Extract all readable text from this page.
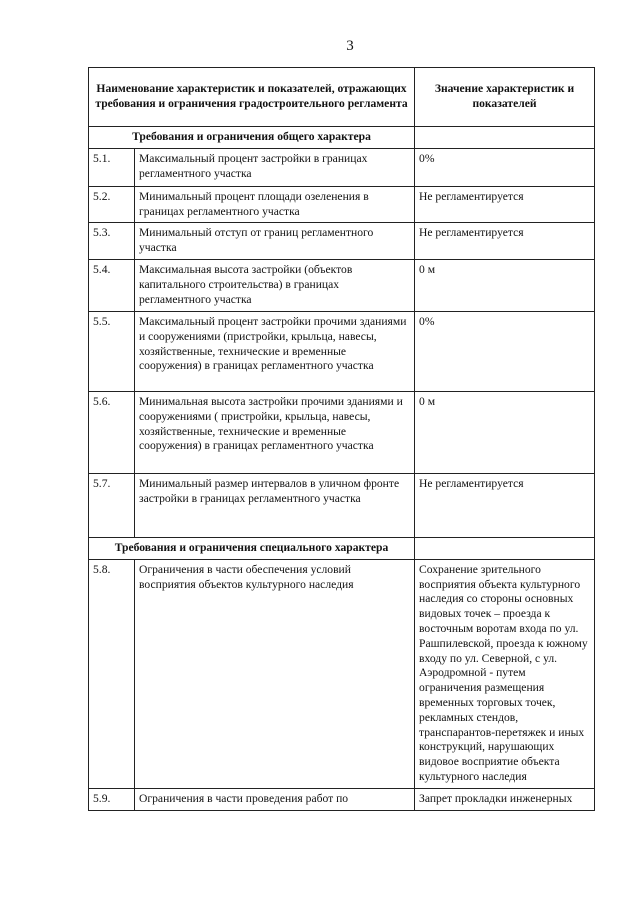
3
Наименование характеристик и показателей, отражающих требования и ограничения градостроительного регламента		Значение характеристик и показателей
Требования и ограничения общего характера		
5.1.	Максимальный процент застройки в границах регламентного участка	0%
5.2.	Минимальный процент площади озеленения в границах регламентного участка	Не регламентируется
5.3.	Минимальный отступ от границ регламентного участка	Не регламентируется
5.4.	Максимальная высота застройки (объектов капитального строительства) в границах регламентного участка	0 м
5.5.	Максимальный процент застройки прочими зданиями и сооружениями (пристройки, крыльца, навесы, хозяйственные, технические и временные сооружения) в границах регламентного участка	0%
5.6.	Минимальная высота застройки прочими зданиями и сооружениями ( пристройки, крыльца, навесы, хозяйственные, технические и временные сооружения) в границах регламентного участка	0 м
5.7.	Минимальный размер интервалов в уличном фронте застройки в границах регламентного участка	Не регламентируется
Требования и ограничения специального характера		
5.8.	Ограничения в части обеспечения условий восприятия объектов культурного наследия	Сохранение зрительного восприятия объекта культурного наследия со стороны основных видовых точек – проезда к восточным воротам входа по ул. Рашпилевской, проезда к южному входу по ул. Северной, с ул. Аэродромной - путем ограничения размещения временных торговых точек, рекламных стендов, транспарантов-перетяжек и иных конструкций, нарушающих видовое восприятие объекта культурного наследия
5.9.	Ограничения в части проведения работ по	Запрет прокладки инженерных
